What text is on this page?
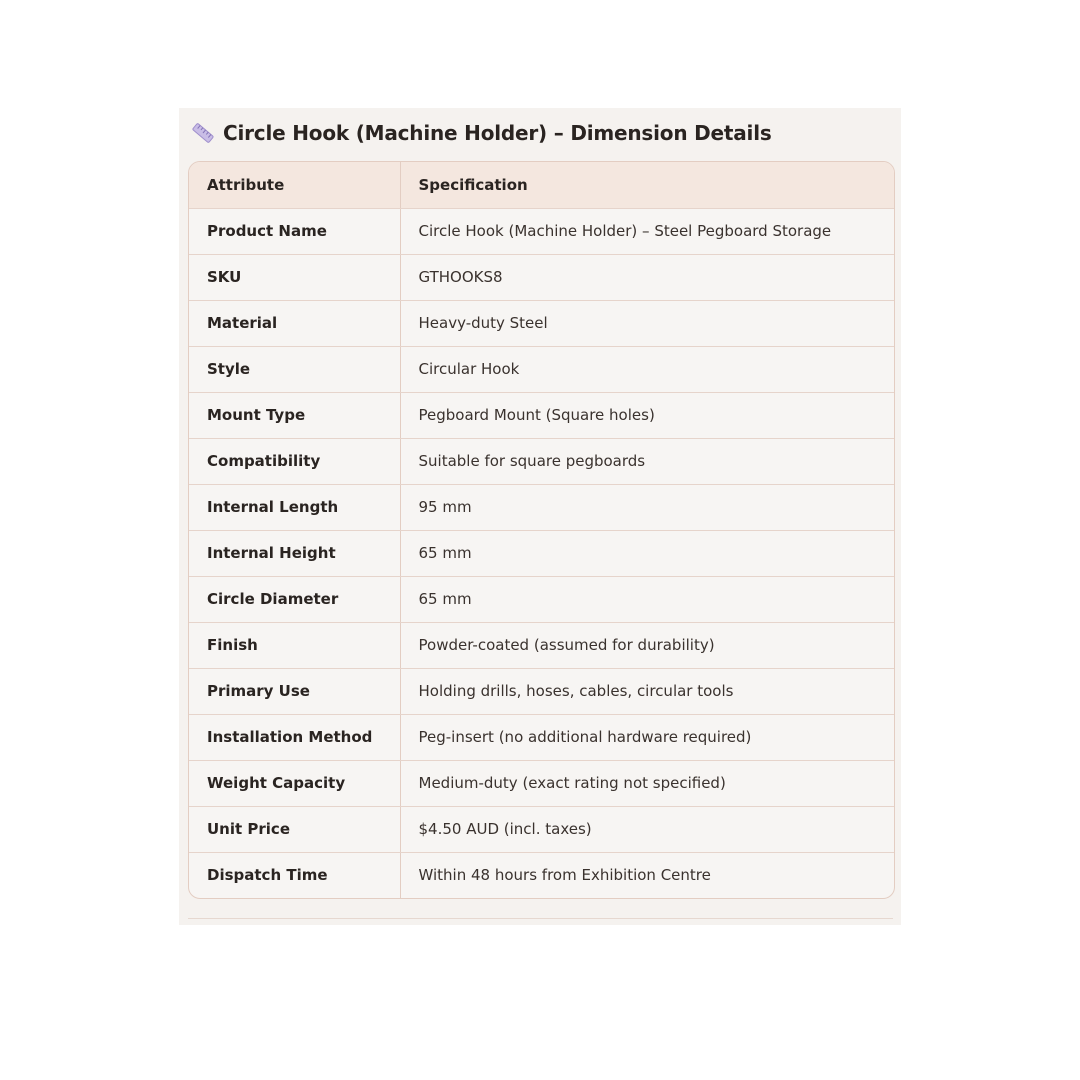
Circle Hook (Machine Holder) – Dimension Details
Attribute	Specification
Product Name	Circle Hook (Machine Holder) – Steel Pegboard Storage
SKU	GTHOOKS8
Material	Heavy-duty Steel
Style	Circular Hook
Mount Type	Pegboard Mount (Square holes)
Compatibility	Suitable for square pegboards
Internal Length	95 mm
Internal Height	65 mm
Circle Diameter	65 mm
Finish	Powder-coated (assumed for durability)
Primary Use	Holding drills, hoses, cables, circular tools
Installation Method	Peg-insert (no additional hardware required)
Weight Capacity	Medium-duty (exact rating not specified)
Unit Price	$4.50 AUD (incl. taxes)
Dispatch Time	Within 48 hours from Exhibition Centre
